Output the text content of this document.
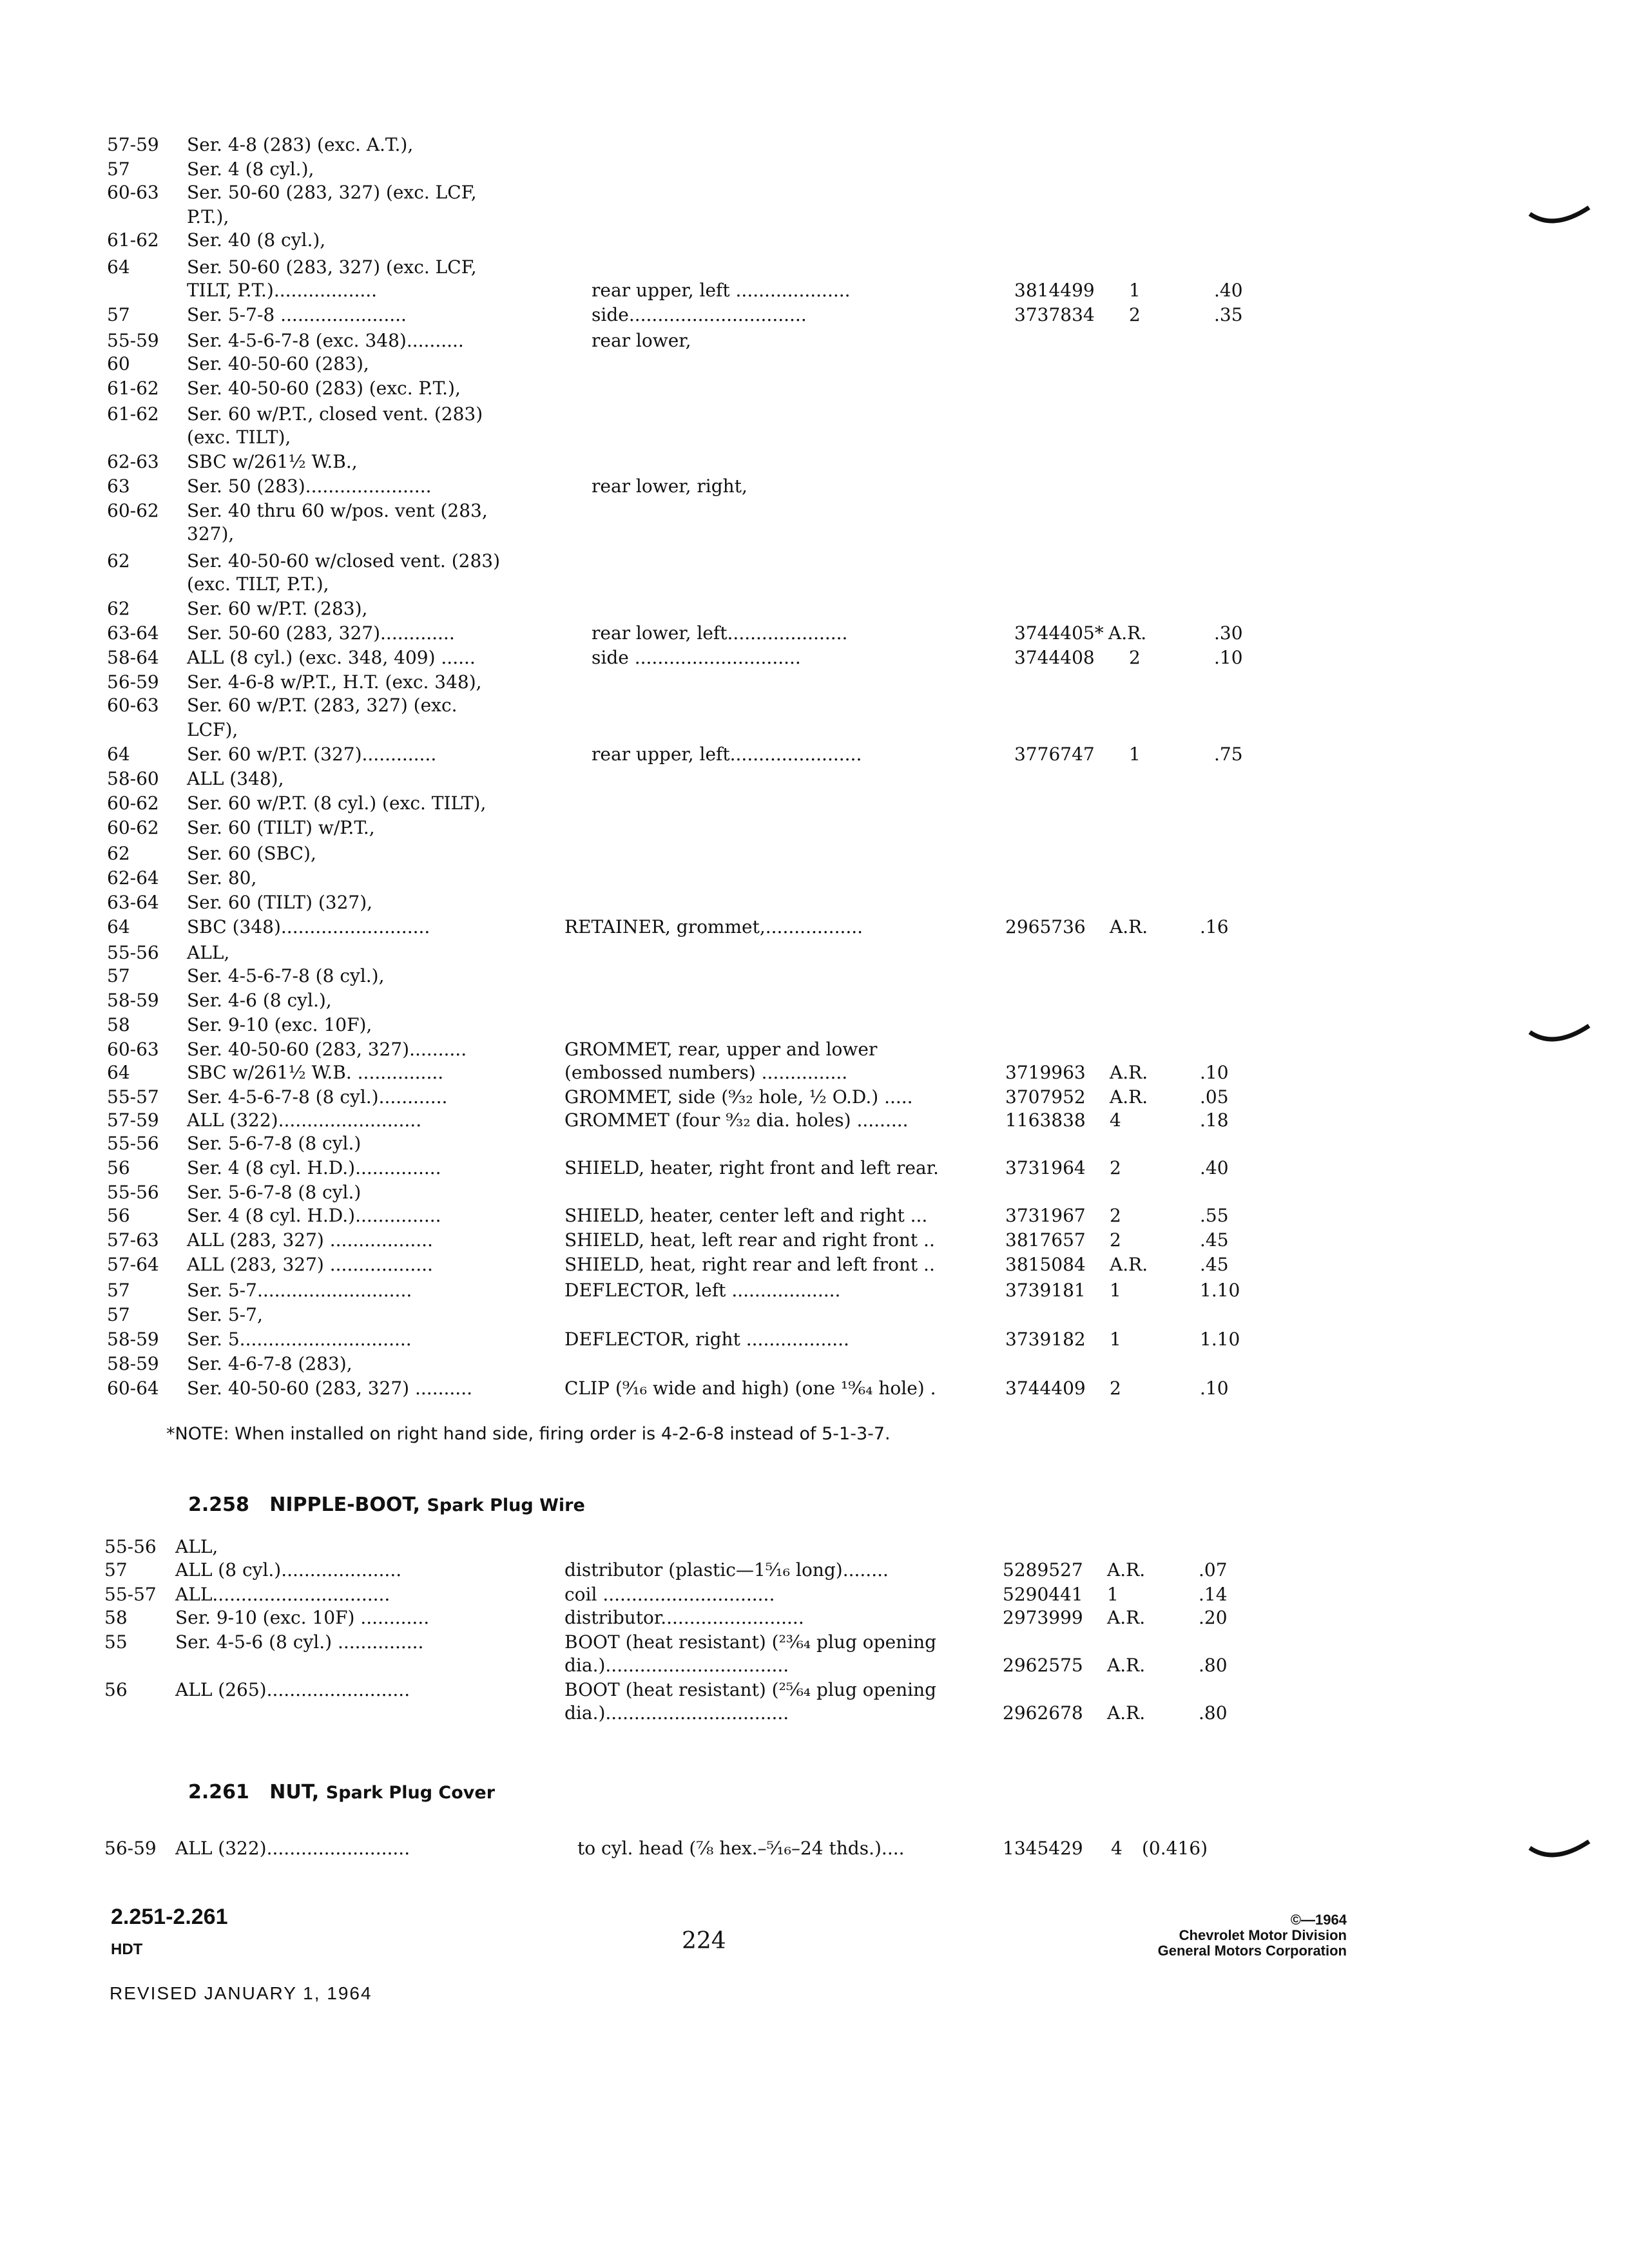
57-59 Ser. 4-8 (283) (exc. A.T.),
57	Ser. 4 (8 cyl.),
60-63 Ser. 50-60 (283, 327) (exc. LCF,
P.T.),
61-62 Ser. 40 (8 cyl.),
64	Ser. 50-60 (283, 327) (exc. LCF,
TILT, P.T.)..................	rear upper, left ....................	3814499 1	.40
57	Ser. 5-7-8 ......................	side...............................	3737834 2	.35
55-59 Ser. 4-5-6-7-8 (exc. 348)..........	rear lower,
60	Ser. 40-50-60 (283),
61-62 Ser. 40-50-60 (283) (exc. P.T.),
61-62 Ser. 60 w/P.T., closed vent. (283)
(exc. TILT),
62-63 SBC w/261½ W.B.,
63	Ser. 50 (283)......................	rear lower, right,
60-62 Ser. 40 thru 60 w/pos. vent (283,
327),
62	Ser. 40-50-60 w/closed vent. (283)
(exc. TILT, P.T.),
62	Ser. 60 w/P.T. (283),
63-64 Ser. 50-60 (283, 327).............	rear lower, left.....................	3744405* A.R.	.30
58-64 ALL (8 cyl.) (exc. 348, 409) ......	side .............................	3744408 2	.10
56-59 Ser. 4-6-8 w/P.T., H.T. (exc. 348),
60-63 Ser. 60 w/P.T. (283, 327) (exc.
LCF),
64	Ser. 60 w/P.T. (327).............	rear upper, left.......................	3776747 1	.75
58-60 ALL (348),
60-62 Ser. 60 w/P.T. (8 cyl.) (exc. TILT),
60-62 Ser. 60 (TILT) w/P.T.,
62	Ser. 60 (SBC),
62-64 Ser. 80,
63-64 Ser. 60 (TILT) (327),
64	SBC (348)..........................	RETAINER, grommet,.................	2965736 A.R.	.16
55-56 ALL,
57	Ser. 4-5-6-7-8 (8 cyl.),
58-59 Ser. 4-6 (8 cyl.),
58	Ser. 9-10 (exc. 10F),
60-63 Ser. 40-50-60 (283, 327)..........	GROMMET, rear, upper and lower
64	SBC w/261½ W.B. ...............	(embossed numbers) ...............	3719963 A.R.	.10
55-57 Ser. 4-5-6-7-8 (8 cyl.)............	GROMMET, side (⁹⁄₃₂ hole, ½ O.D.) .....	3707952 A.R.	.05
57-59 ALL (322).........................	GROMMET (four ⁹⁄₃₂ dia. holes) .........	1163838 4	.18
55-56 Ser. 5-6-7-8 (8 cyl.)
56	Ser. 4 (8 cyl. H.D.)...............	SHIELD, heater, right front and left rear.	3731964 2	.40
55-56 Ser. 5-6-7-8 (8 cyl.)
56	Ser. 4 (8 cyl. H.D.)...............	SHIELD, heater, center left and right ...	3731967 2	.55
57-63 ALL (283, 327) ..................	SHIELD, heat, left rear and right front ..	3817657 2	.45
57-64 ALL (283, 327) ..................	SHIELD, heat, right rear and left front ..	3815084 A.R.	.45
57	Ser. 5-7...........................	DEFLECTOR, left ...................	3739181 1	1.10
57	Ser. 5-7,
58-59 Ser. 5..............................	DEFLECTOR, right ..................	3739182 1	1.10
58-59 Ser. 4-6-7-8 (283),
60-64 Ser. 40-50-60 (283, 327) ..........	CLIP (⁹⁄₁₆ wide and high) (one ¹⁹⁄₆₄ hole) .	3744409 2	.10
*NOTE: When installed on right hand side, firing order is 4-2-6-8 instead of 5-1-3-7.
2.258 NIPPLE-BOOT, Spark Plug Wire
55-56 ALL,
57	ALL (8 cyl.).....................	distributor (plastic—1⁵⁄₁₆ long)........	5289527 A.R.	.07
55-57 ALL...............................	coil ..............................	5290441 1	.14
58	Ser. 9-10 (exc. 10F) ............	distributor.........................	2973999 A.R.	.20
55	Ser. 4-5-6 (8 cyl.) ...............	BOOT (heat resistant) (²³⁄₆₄ plug opening
dia.)................................	2962575 A.R.	.80
56	ALL (265).........................	BOOT (heat resistant) (²⁵⁄₆₄ plug opening
dia.)................................	2962678 A.R.	.80
2.261 NUT, Spark Plug Cover
56-59 ALL (322).........................	to cyl. head (⅞ hex.–⁵⁄₁₆–24 thds.)....	1345429 4 (0.416)
2.251-2.261
HDT	224
©—1964
Chevrolet Motor Division
General Motors Corporation
REVISED JANUARY 1, 1964
